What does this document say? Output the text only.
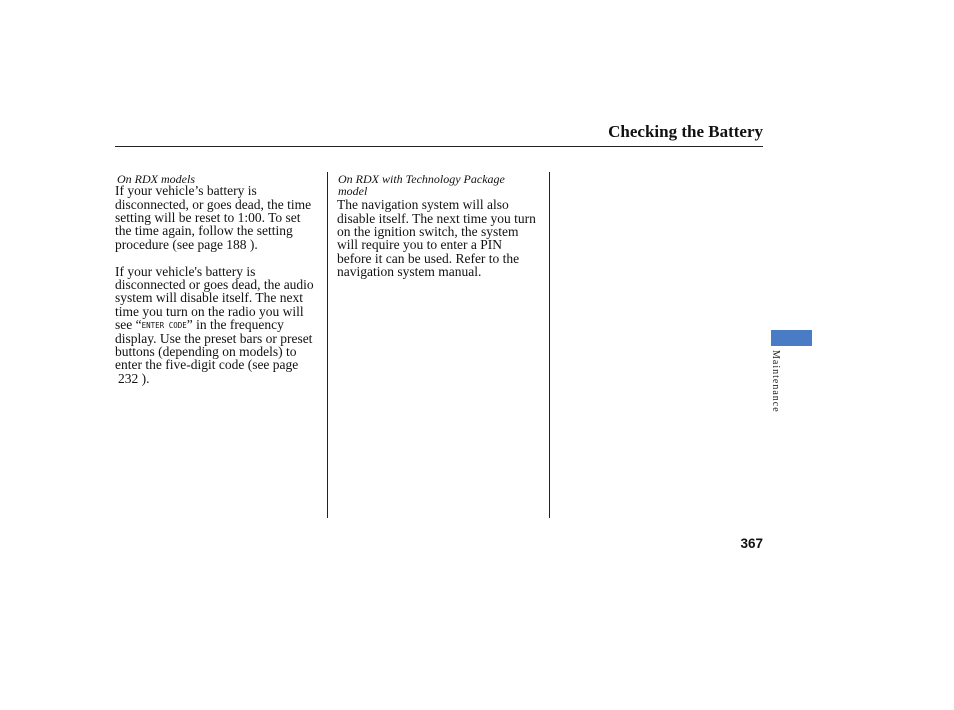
Checking the Battery
On RDX models
If your vehicle’s battery is
disconnected, or goes dead, the time
setting will be reset to 1:00. To set
the time again, follow the setting
procedure (see page 188 ).
If your vehicle's battery is
disconnected or goes dead, the audio
system will disable itself. The next
time you turn on the radio you will
see “ENTER CODE” in the frequency
display. Use the preset bars or preset
buttons (depending on models) to
enter the five-digit code (see page
232 ).
On RDX with Technology Package
model
The navigation system will also
disable itself. The next time you turn
on the ignition switch, the system
will require you to enter a PIN
before it can be used. Refer to the
navigation system manual.
Maintenance
367
